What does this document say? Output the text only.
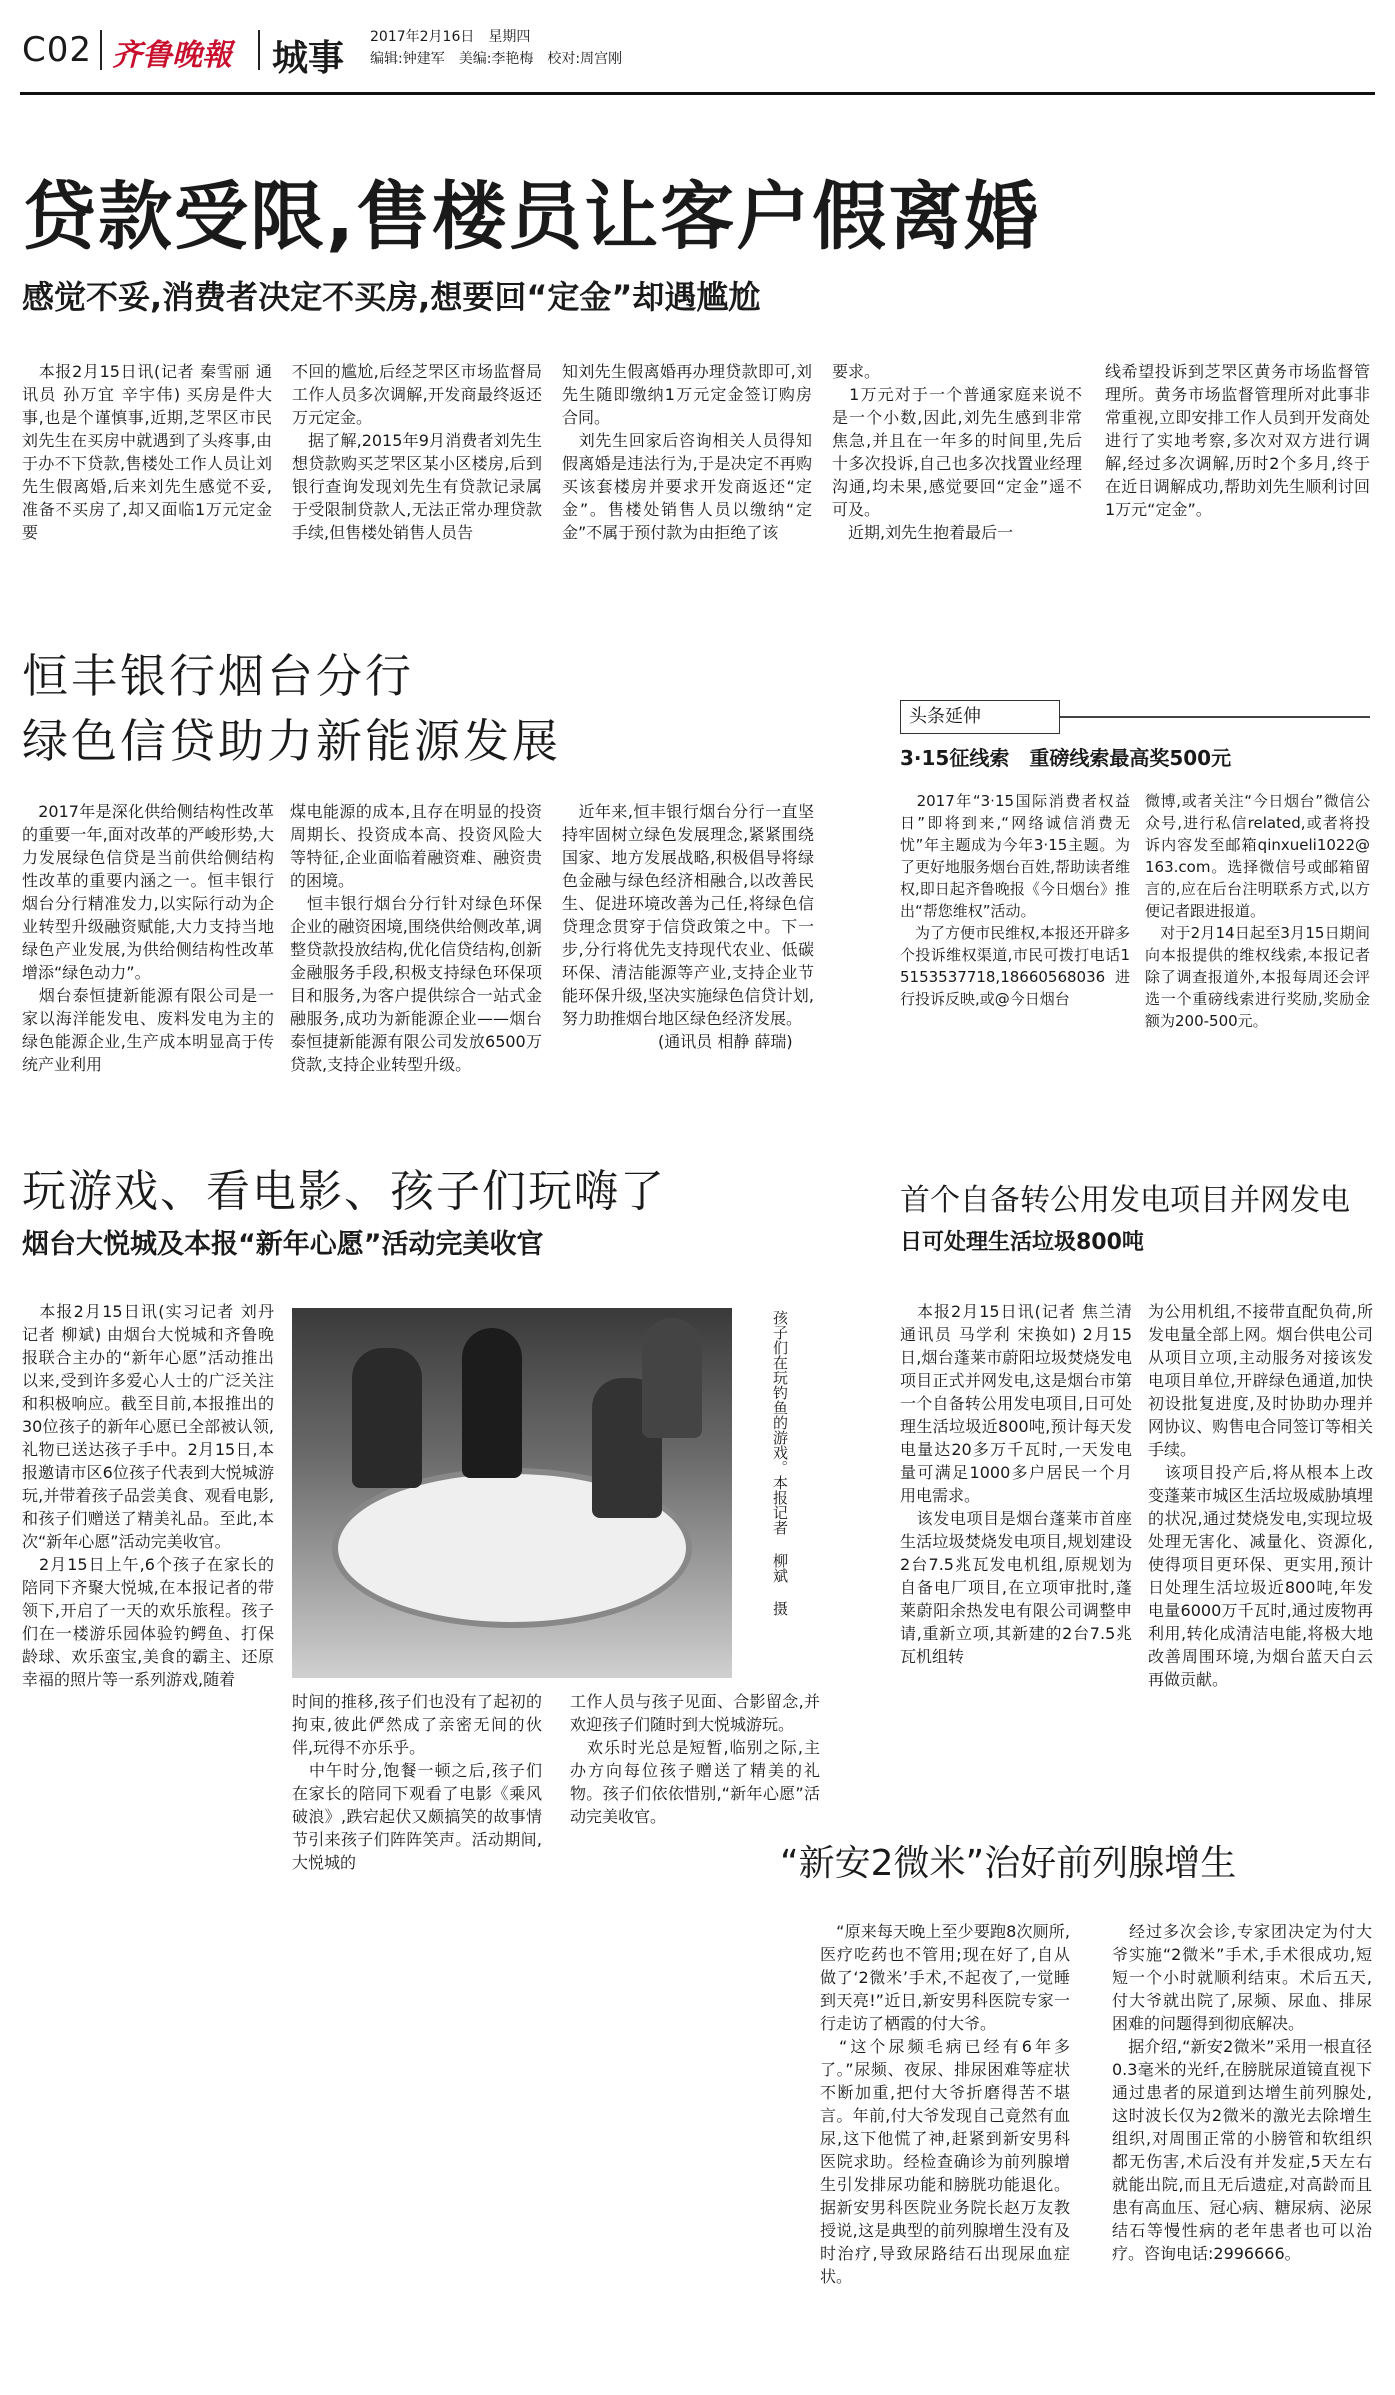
C02 齐鲁晚報 城事
2017年2月16日　星期四
编辑:钟建军　美编:李艳梅　校对:周宫刚
贷款受限,售楼员让客户假离婚
感觉不妥,消费者决定不买房,想要回“定金”却遇尴尬
　本报2月15日讯(记者 秦雪丽 通讯员 孙万宜 辛宇伟) 买房是件大事,也是个谨慎事,近期,芝罘区市民刘先生在买房中就遇到了头疼事,由于办不下贷款,售楼处工作人员让刘先生假离婚,后来刘先生感觉不妥,准备不买房了,却又面临1万元定金要
不回的尴尬,后经芝罘区市场监督局工作人员多次调解,开发商最终返还万元定金。
　据了解,2015年9月消费者刘先生想贷款购买芝罘区某小区楼房,后到银行查询发现刘先生有贷款记录属于受限制贷款人,无法正常办理贷款手续,但售楼处销售人员告
知刘先生假离婚再办理贷款即可,刘先生随即缴纳1万元定金签订购房合同。
　刘先生回家后咨询相关人员得知假离婚是违法行为,于是决定不再购买该套楼房并要求开发商返还“定金”。售楼处销售人员以缴纳“定金”不属于预付款为由拒绝了该
要求。
　1万元对于一个普通家庭来说不是一个小数,因此,刘先生感到非常焦急,并且在一年多的时间里,先后十多次投诉,自己也多次找置业经理沟通,均未果,感觉要回“定金”遥不可及。
　近期,刘先生抱着最后一
线希望投诉到芝罘区黄务市场监督管理所。黄务市场监督管理所对此事非常重视,立即安排工作人员到开发商处进行了实地考察,多次对双方进行调解,经过多次调解,历时2个多月,终于在近日调解成功,帮助刘先生顺利讨回1万元“定金”。
恒丰银行烟台分行
绿色信贷助力新能源发展
　2017年是深化供给侧结构性改革的重要一年,面对改革的严峻形势,大力发展绿色信贷是当前供给侧结构性改革的重要内涵之一。恒丰银行烟台分行精准发力,以实际行动为企业转型升级融资赋能,大力支持当地绿色产业发展,为供给侧结构性改革增添“绿色动力”。
　烟台泰恒捷新能源有限公司是一家以海洋能发电、废料发电为主的绿色能源企业,生产成本明显高于传统产业利用
煤电能源的成本,且存在明显的投资周期长、投资成本高、投资风险大等特征,企业面临着融资难、融资贵的困境。
　恒丰银行烟台分行针对绿色环保企业的融资困境,围绕供给侧改革,调整贷款投放结构,优化信贷结构,创新金融服务手段,积极支持绿色环保项目和服务,为客户提供综合一站式金融服务,成功为新能源企业——烟台泰恒捷新能源有限公司发放6500万贷款,支持企业转型升级。
　近年来,恒丰银行烟台分行一直坚持牢固树立绿色发展理念,紧紧围绕国家、地方发展战略,积极倡导将绿色金融与绿色经济相融合,以改善民生、促进环境改善为己任,将绿色信贷理念贯穿于信贷政策之中。下一步,分行将优先支持现代农业、低碳环保、清洁能源等产业,支持企业节能环保升级,坚决实施绿色信贷计划,努力助推烟台地区绿色经济发展。
　　　　　　(通讯员 相静 薛瑞)
头条延伸
3·15征线索　重磅线索最高奖500元
　2017年“3·15国际消费者权益日”即将到来,“网络诚信消费无忧”年主题成为今年3·15主题。为了更好地服务烟台百姓,帮助读者维权,即日起齐鲁晚报《今日烟台》推出“帮您维权”活动。
　为了方便市民维权,本报还开辟多个投诉维权渠道,市民可拨打电话15153537718,18660568036进行投诉反映,或@今日烟台
微博,或者关注“今日烟台”微信公众号,进行私信related,或者将投诉内容发至邮箱qinxueli1022@163.com。选择微信号或邮箱留言的,应在后台注明联系方式,以方便记者跟进报道。
　对于2月14日起至3月15日期间向本报提供的维权线索,本报记者除了调查报道外,本报每周还会评选一个重磅线索进行奖励,奖励金额为200-500元。
玩游戏、看电影、孩子们玩嗨了
烟台大悦城及本报“新年心愿”活动完美收官
　本报2月15日讯(实习记者 刘丹 记者 柳斌) 由烟台大悦城和齐鲁晚报联合主办的“新年心愿”活动推出以来,受到许多爱心人士的广泛关注和积极响应。截至目前,本报推出的30位孩子的新年心愿已全部被认领,礼物已送达孩子手中。2月15日,本报邀请市区6位孩子代表到大悦城游玩,并带着孩子品尝美食、观看电影,和孩子们赠送了精美礼品。至此,本次“新年心愿”活动完美收官。
　2月15日上午,6个孩子在家长的陪同下齐聚大悦城,在本报记者的带领下,开启了一天的欢乐旅程。孩子们在一楼游乐园体验钓鳄鱼、打保龄球、欢乐蛮宝,美食的霸主、还原幸福的照片等一系列游戏,随着
孩子们在玩钓鱼的游戏。本报记者 柳斌 摄
时间的推移,孩子们也没有了起初的拘束,彼此俨然成了亲密无间的伙伴,玩得不亦乐乎。
　中午时分,饱餐一顿之后,孩子们在家长的陪同下观看了电影《乘风破浪》,跌宕起伏又颇搞笑的故事情节引来孩子们阵阵笑声。活动期间,大悦城的
工作人员与孩子见面、合影留念,并欢迎孩子们随时到大悦城游玩。
　欢乐时光总是短暂,临别之际,主办方向每位孩子赠送了精美的礼物。孩子们依依惜别,“新年心愿”活动完美收官。
首个自备转公用发电项目并网发电
日可处理生活垃圾800吨
　本报2月15日讯(记者 焦兰清 通讯员 马学利 宋换如) 2月15日,烟台蓬莱市蔚阳垃圾焚烧发电项目正式并网发电,这是烟台市第一个自备转公用发电项目,日可处理生活垃圾近800吨,预计每天发电量达20多万千瓦时,一天发电量可满足1000多户居民一个月用电需求。
　该发电项目是烟台蓬莱市首座生活垃圾焚烧发电项目,规划建设2台7.5兆瓦发电机组,原规划为自备电厂项目,在立项审批时,蓬莱蔚阳余热发电有限公司调整申请,重新立项,其新建的2台7.5兆瓦机组转
为公用机组,不接带直配负荷,所发电量全部上网。烟台供电公司从项目立项,主动服务对接该发电项目单位,开辟绿色通道,加快初设批复进度,及时协助办理并网协议、购售电合同签订等相关手续。
　该项目投产后,将从根本上改变蓬莱市城区生活垃圾威胁填埋的状况,通过焚烧发电,实现垃圾处理无害化、减量化、资源化,使得项目更环保、更实用,预计日处理生活垃圾近800吨,年发电量6000万千瓦时,通过废物再利用,转化成清洁电能,将极大地改善周围环境,为烟台蓝天白云再做贡献。
“新安2微米”治好前列腺增生
　“原来每天晚上至少要跑8次厕所,医疗吃药也不管用;现在好了,自从做了‘2微米’手术,不起夜了,一觉睡到天亮!”近日,新安男科医院专家一行走访了栖霞的付大爷。
　“这个尿频毛病已经有6年多了。”尿频、夜尿、排尿困难等症状不断加重,把付大爷折磨得苦不堪言。年前,付大爷发现自己竟然有血尿,这下他慌了神,赶紧到新安男科医院求助。经检查确诊为前列腺增生引发排尿功能和膀胱功能退化。据新安男科医院业务院长赵万友教授说,这是典型的前列腺增生没有及时治疗,导致尿路结石出现尿血症状。
　经过多次会诊,专家团决定为付大爷实施“2微米”手术,手术很成功,短短一个小时就顺利结束。术后五天,付大爷就出院了,尿频、尿血、排尿困难的问题得到彻底解决。
　据介绍,“新安2微米”采用一根直径0.3毫米的光纤,在膀胱尿道镜直视下通过患者的尿道到达增生前列腺处,这时波长仅为2微米的激光去除增生组织,对周围正常的小膀管和软组织都无伤害,术后没有并发症,5天左右就能出院,而且无后遗症,对高龄而且患有高血压、冠心病、糖尿病、泌尿结石等慢性病的老年患者也可以治疗。咨询电话:2996666。
